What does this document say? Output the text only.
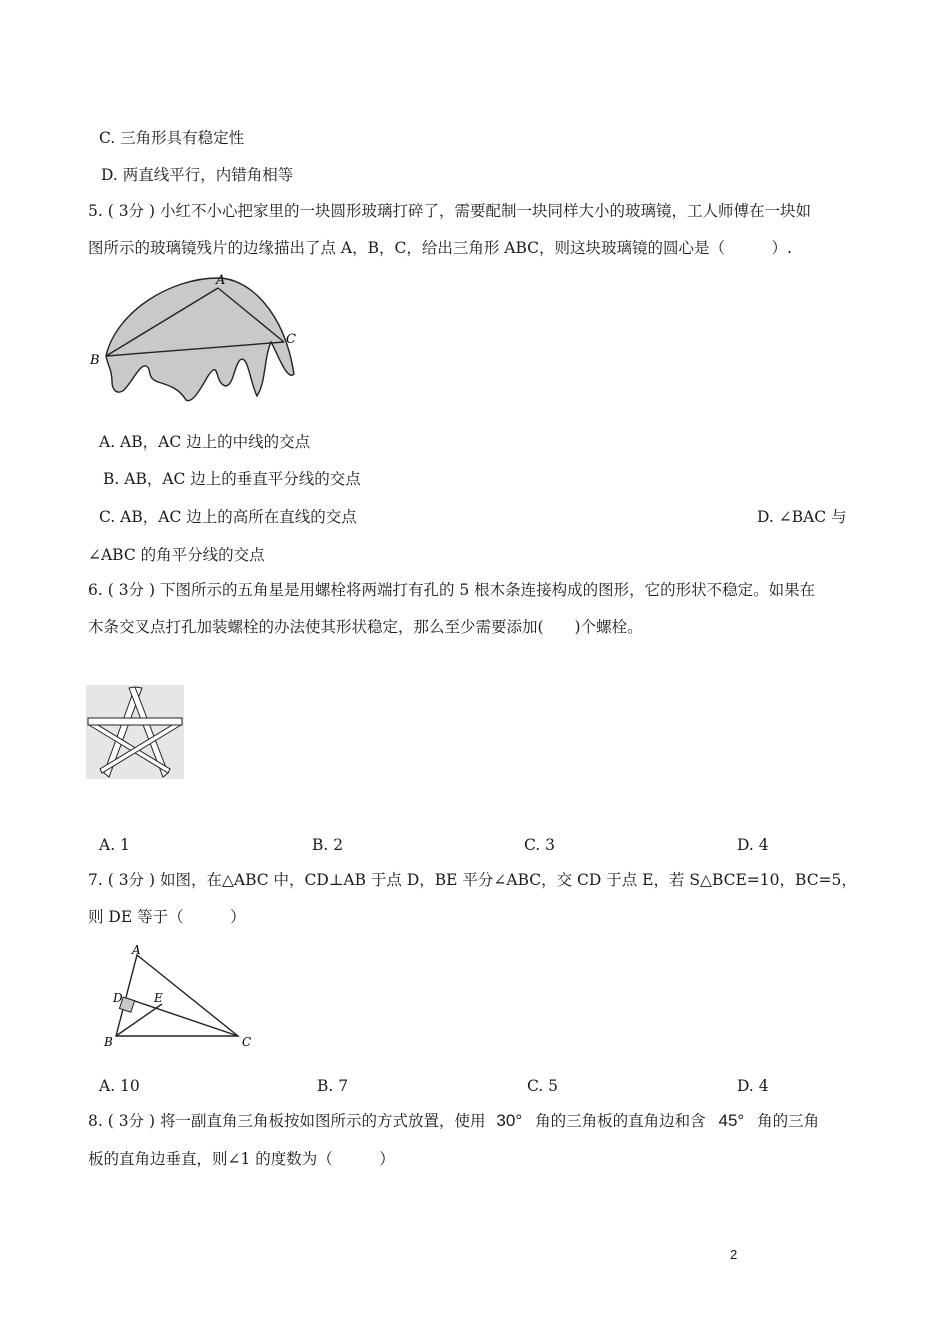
C. 三角形具有稳定性
D. 两直线平行，内错角相等
5. ( 3分 ) 小红不小心把家里的一块圆形玻璃打碎了，需要配制一块同样大小的玻璃镜，工人师傅在一块如
图所示的玻璃镜残片的边缘描出了点 A，B，C，给出三角形 ABC，则这块玻璃镜的圆心是（　　　）.
A
B
C
A. AB，AC 边上的中线的交点
B. AB，AC 边上的垂直平分线的交点
C. AB，AC 边上的高所在直线的交点	D. ∠BAC 与
∠ABC 的角平分线的交点
6. ( 3分 ) 下图所示的五角星是用螺栓将两端打有孔的 5 根木条连接构成的图形，它的形状不稳定。如果在
木条交叉点打孔加装螺栓的办法使其形状稳定，那么至少需要添加(　　)个螺栓。
A. 1	B. 2	C. 3	D. 4
7. ( 3分 ) 如图，在△ABC 中，CD⊥AB 于点 D，BE 平分∠ABC，交 CD 于点 E，若 S△BCE=10，BC=5，
则 DE 等于（　　　）
A
B	C
D	E
A. 10	B. 7	C. 5	D. 4
8. ( 3分 ) 将一副直角三角板按如图所示的方式放置，使用 30° 角的三角板的直角边和含 45° 角的三角
板的直角边垂直，则∠1 的度数为（　　　）
2
